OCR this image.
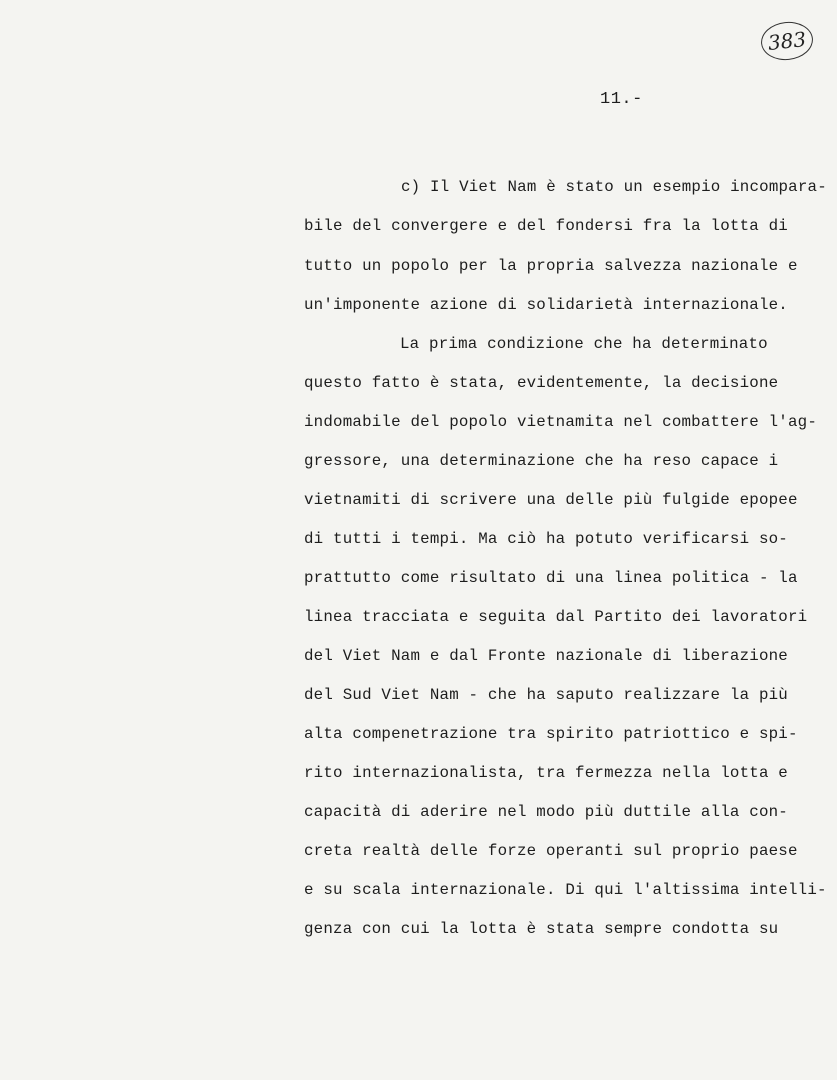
383
11.-
c) Il Viet Nam è stato un esempio incompara-
bile del convergere e del fondersi fra la lotta di
tutto un popolo per la propria salvezza nazionale e
un'imponente azione di solidarietà internazionale.
La prima condizione che ha determinato
questo fatto è stata, evidentemente, la decisione
indomabile del popolo vietnamita nel combattere l'ag-
gressore, una determinazione che ha reso capace i
vietnamiti di scrivere una delle più fulgide epopee
di tutti i tempi. Ma ciò ha potuto verificarsi so-
prattutto come risultato di una linea politica - la
linea tracciata e seguita dal Partito dei lavoratori
del Viet Nam e dal Fronte nazionale di liberazione
del Sud Viet Nam - che ha saputo realizzare la più
alta compenetrazione tra spirito patriottico e spi-
rito internazionalista, tra fermezza nella lotta e
capacità di aderire nel modo più duttile alla con-
creta realtà delle forze operanti sul proprio paese
e su scala internazionale. Di qui l'altissima intelli-
genza con cui la lotta è stata sempre condotta su
